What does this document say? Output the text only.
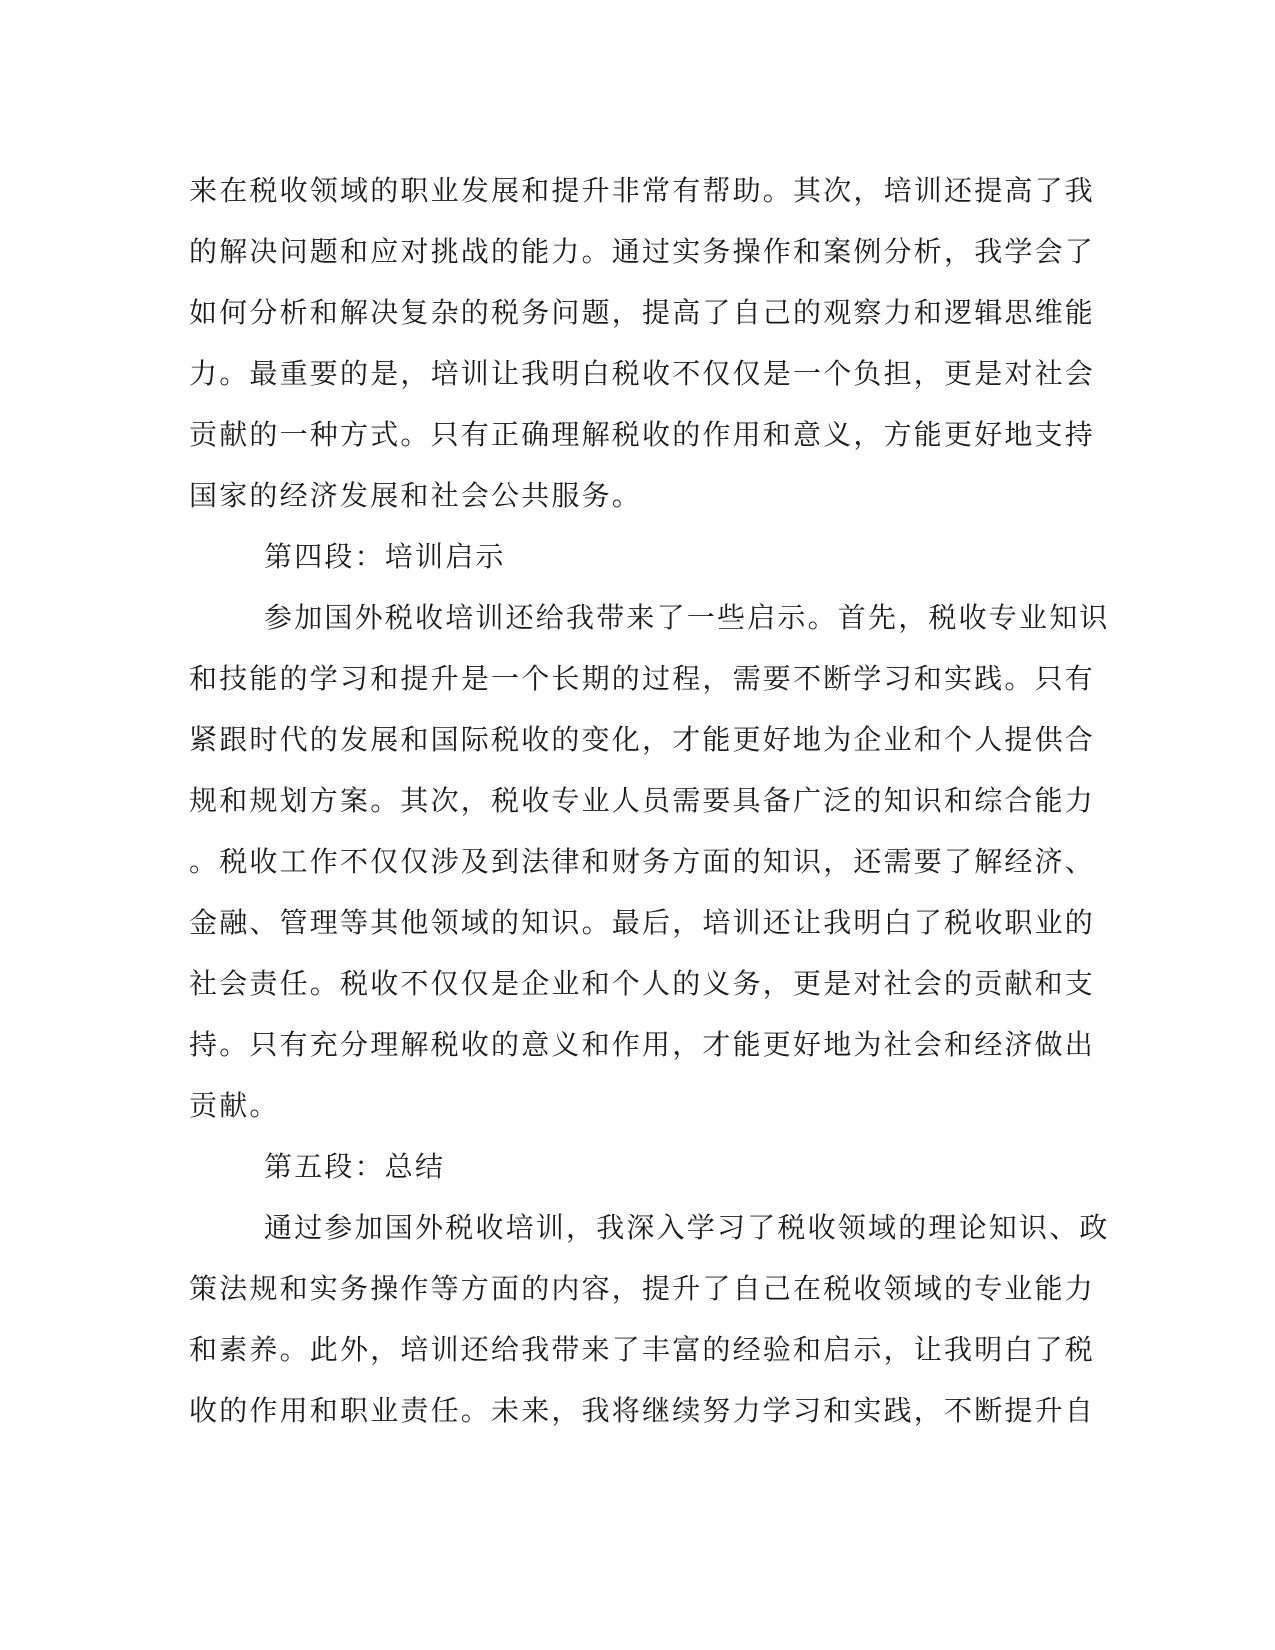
来在税收领域的职业发展和提升非常有帮助。其次，培训还提高了我
的解决问题和应对挑战的能力。通过实务操作和案例分析，我学会了
如何分析和解决复杂的税务问题，提高了自己的观察力和逻辑思维能
力。最重要的是，培训让我明白税收不仅仅是一个负担，更是对社会
贡献的一种方式。只有正确理解税收的作用和意义，方能更好地支持
国家的经济发展和社会公共服务。
第四段：培训启示
参加国外税收培训还给我带来了一些启示。首先，税收专业知识
和技能的学习和提升是一个长期的过程，需要不断学习和实践。只有
紧跟时代的发展和国际税收的变化，才能更好地为企业和个人提供合
规和规划方案。其次，税收专业人员需要具备广泛的知识和综合能力
。税收工作不仅仅涉及到法律和财务方面的知识，还需要了解经济、
金融、管理等其他领域的知识。最后，培训还让我明白了税收职业的
社会责任。税收不仅仅是企业和个人的义务，更是对社会的贡献和支
持。只有充分理解税收的意义和作用，才能更好地为社会和经济做出
贡献。
第五段：总结
通过参加国外税收培训，我深入学习了税收领域的理论知识、政
策法规和实务操作等方面的内容，提升了自己在税收领域的专业能力
和素养。此外，培训还给我带来了丰富的经验和启示，让我明白了税
收的作用和职业责任。未来，我将继续努力学习和实践，不断提升自
